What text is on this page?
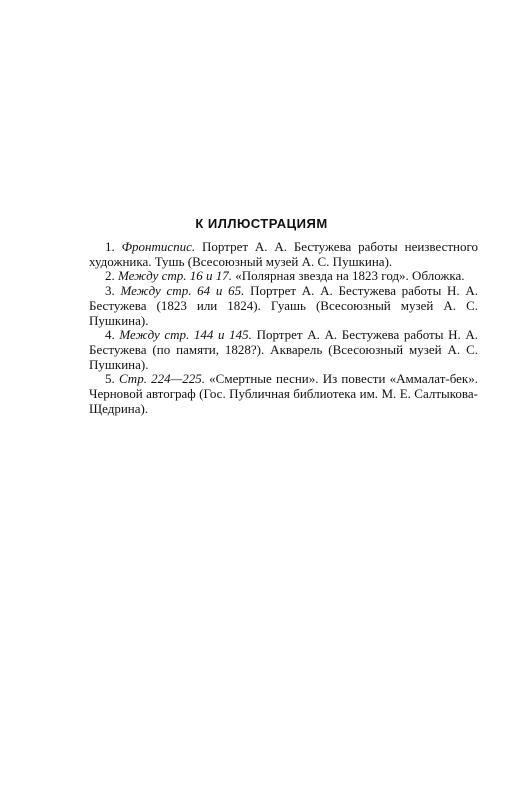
К ИЛЛЮСТРАЦИЯМ

1. Фронтиспис. Портрет А. А. Бестужева работы неизвестного художника. Тушь (Всесоюзный музей А. С. Пушкина).

2. Между стр. 16 и 17. «Полярная звезда на 1823 год». Обложка.

3. Между стр. 64 и 65. Портрет А. А. Бестужева работы Н. А. Бестужева (1823 или 1824). Гуашь (Всесоюзный музей А. С. Пушкина).

4. Между стр. 144 и 145. Портрет А. А. Бестужева работы Н. А. Бестужева (по памяти, 1828?). Акварель (Всесоюзный музей А. С. Пушкина).

5. Стр. 224—225. «Смертные песни». Из повести «Аммалат-бек». Черновой автограф (Гос. Публичная библиотека им. М. Е. Салтыкова-Щедрина).
